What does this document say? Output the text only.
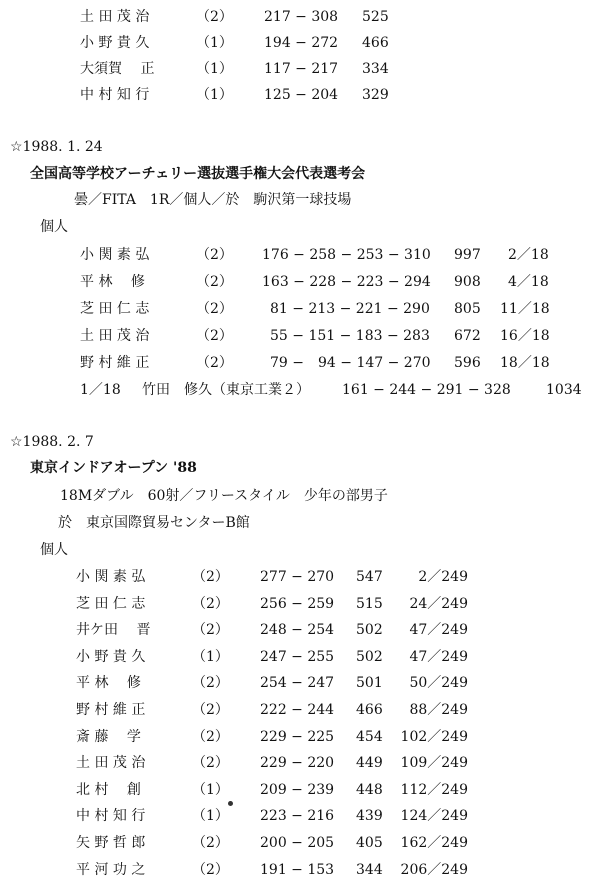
土 田 茂 治	（2） 217 − 308 525
小 野 貴 久	（1） 194 − 272 466
大須賀　 正	（1） 117 − 217 334
中 村 知 行	（1） 125 − 204 329
☆1988. 1. 24
全国高等学校アーチェリー選抜選手権大会代表選考会
曇／FITA　1R／個人／於　駒沢第一球技場
個人
小 関 素 弘	（2） 176 − 258 − 253 − 310 997 2／18
平 林　 修	（2） 163 − 228 − 223 − 294 908 4／18
芝 田 仁 志	（2）	81 − 213 − 221 − 290 805 11／18
土 田 茂 治	（2）	55 − 151 − 183 − 283 672 16／18
野 村 維 正	（2）	79 −　94 − 147 − 270 596 18／18
1／18 竹田　修久（東京工業２） 161 − 244 − 291 − 328	1034
☆1988. 2. 7
東京インドアオープン '88
18Mダブル　60射／フリースタイル　少年の部男子
於　東京国際貿易センターB館
個人
小 関 素 弘	（2） 277 − 270 547	2／249
芝 田 仁 志	（2） 256 − 259 515 24／249
井ケ田　 晋	（2） 248 − 254 502 47／249
小 野 貴 久	（1） 247 − 255 502 47／249
平 林　 修	（2） 254 − 247 501 50／249
野 村 維 正	（2） 222 − 244 466 88／249
斎 藤　 学	（2） 229 − 225 454 102／249
土 田 茂 治	（2） 229 − 220 449 109／249
北 村　 創	（1） 209 − 239 448 112／249
中 村 知 行	（1） 223 − 216 439 124／249
矢 野 哲 郎	（2） 200 − 205 405 162／249
平 河 功 之	（2） 191 − 153 344 206／249
